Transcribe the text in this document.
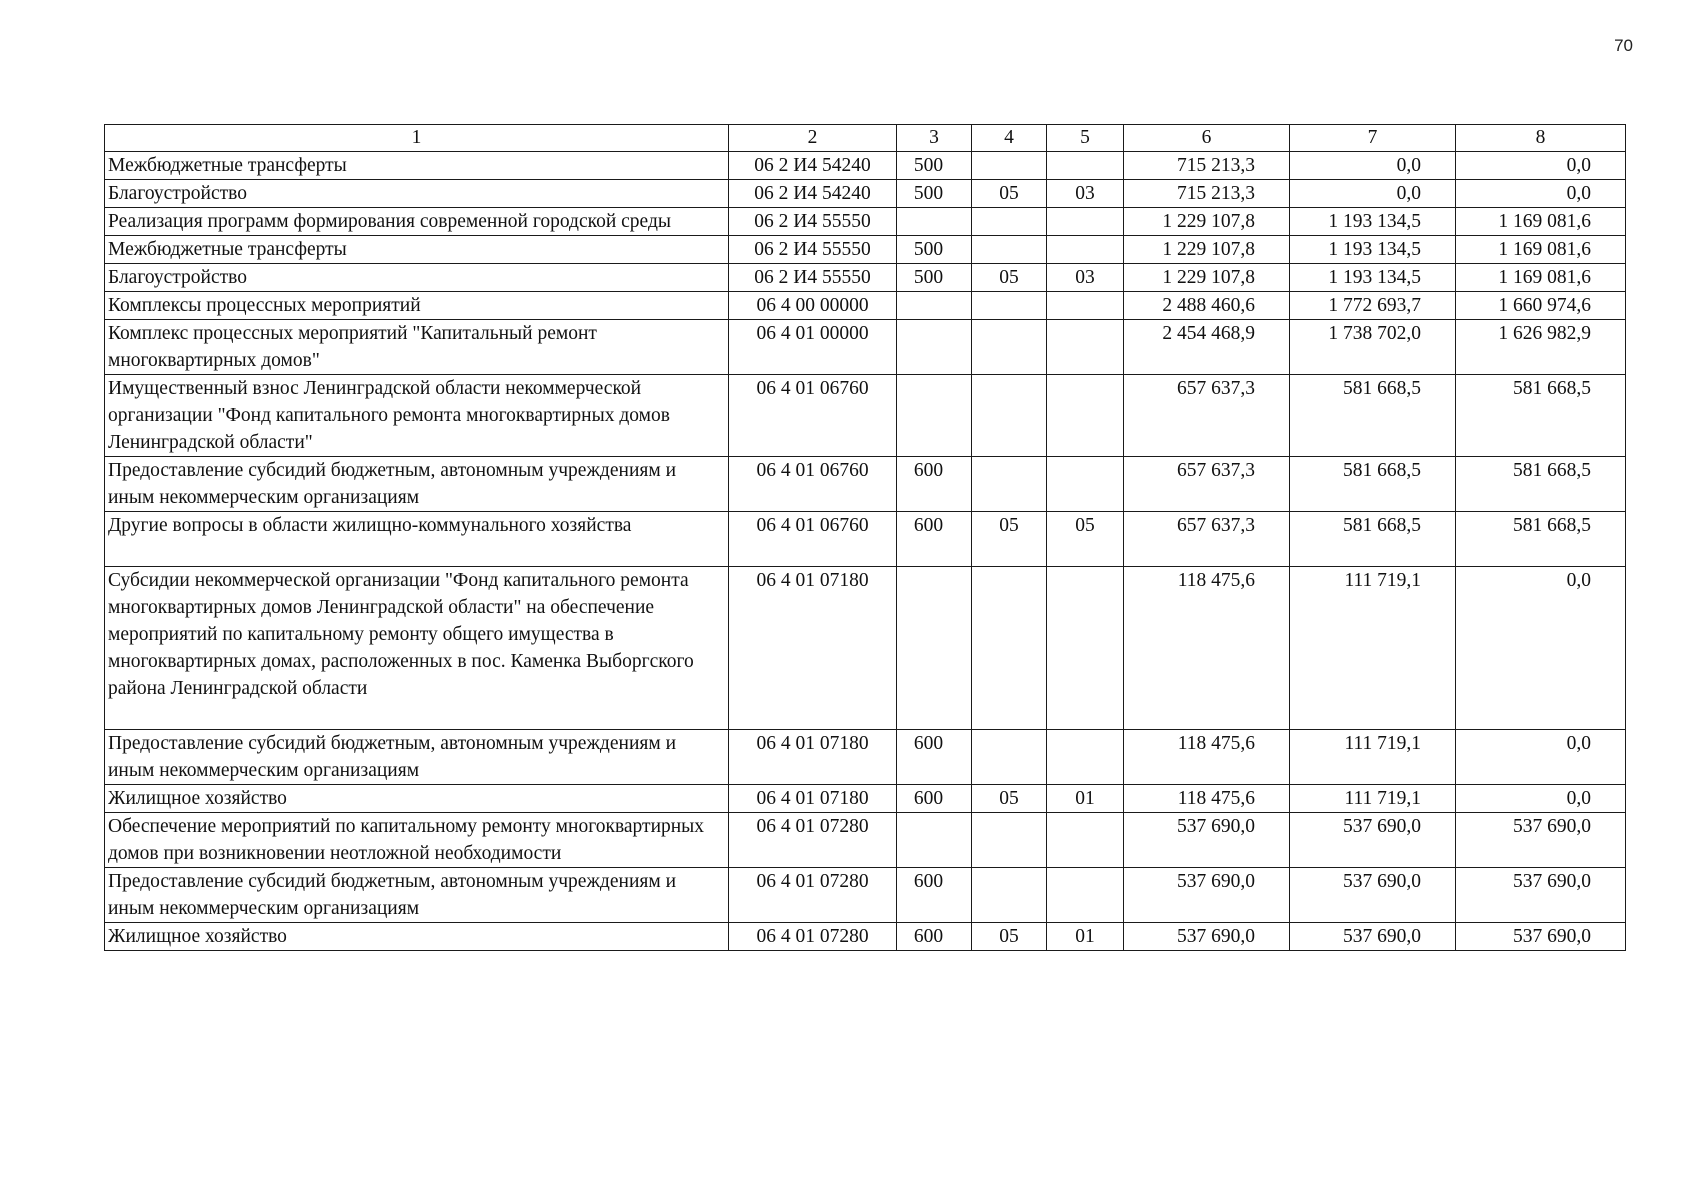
70
1	2	3	4	5	6	7	8
Межбюджетные трансферты	06 2 И4 54240	500			715 213,3	0,0	0,0
Благоустройство	06 2 И4 54240	500	05	03	715 213,3	0,0	0,0
Реализация программ формирования современной городской среды	06 2 И4 55550				1 229 107,8	1 193 134,5	1 169 081,6
Межбюджетные трансферты	06 2 И4 55550	500			1 229 107,8	1 193 134,5	1 169 081,6
Благоустройство	06 2 И4 55550	500	05	03	1 229 107,8	1 193 134,5	1 169 081,6
Комплексы процессных мероприятий	06 4 00 00000				2 488 460,6	1 772 693,7	1 660 974,6
Комплекс процессных мероприятий "Капитальный ремонт многоквартирных домов"	06 4 01 00000				2 454 468,9	1 738 702,0	1 626 982,9
Имущественный взнос Ленинградской области некоммерческой организации "Фонд капитального ремонта многоквартирных домов Ленинградской области"	06 4 01 06760				657 637,3	581 668,5	581 668,5
Предоставление субсидий бюджетным, автономным учреждениям и иным некоммерческим организациям	06 4 01 06760	600			657 637,3	581 668,5	581 668,5
Другие вопросы в области жилищно-коммунального хозяйства	06 4 01 06760	600	05	05	657 637,3	581 668,5	581 668,5
Субсидии некоммерческой организации "Фонд капитального ремонта многоквартирных домов Ленинградской области" на обеспечение мероприятий по капитальному ремонту общего имущества в многоквартирных домах, расположенных в пос. Каменка Выборгского района Ленинградской области	06 4 01 07180				118 475,6	111 719,1	0,0
Предоставление субсидий бюджетным, автономным учреждениям и иным некоммерческим организациям	06 4 01 07180	600			118 475,6	111 719,1	0,0
Жилищное хозяйство	06 4 01 07180	600	05	01	118 475,6	111 719,1	0,0
Обеспечение мероприятий по капитальному ремонту многоквартирных домов при возникновении неотложной необходимости	06 4 01 07280				537 690,0	537 690,0	537 690,0
Предоставление субсидий бюджетным, автономным учреждениям и иным некоммерческим организациям	06 4 01 07280	600			537 690,0	537 690,0	537 690,0
Жилищное хозяйство	06 4 01 07280	600	05	01	537 690,0	537 690,0	537 690,0
